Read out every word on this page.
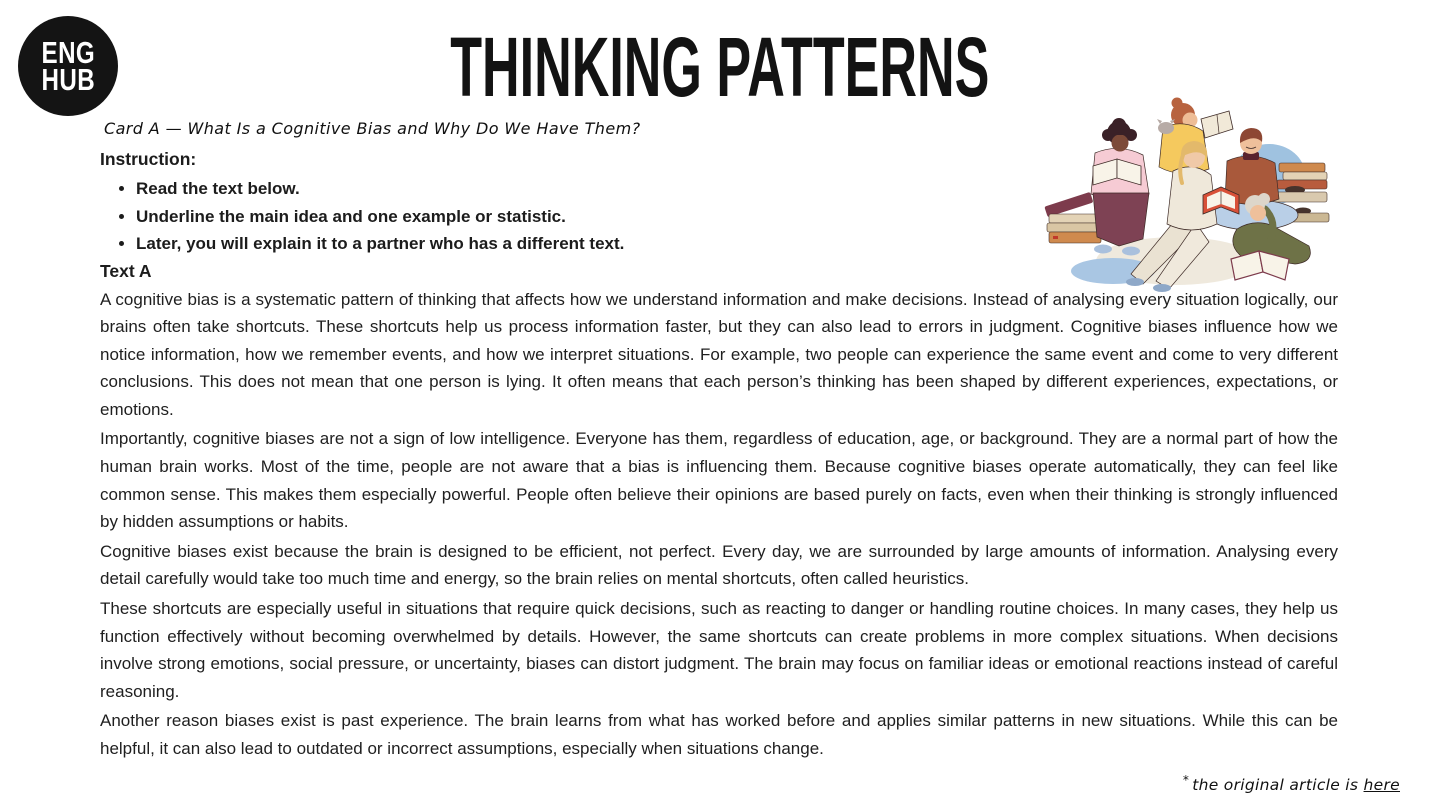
ENG
HUB	THINKING PATTERNS
Card A — What Is a Cognitive Bias and Why Do We Have Them?
Instruction:
• Read the text below.
• Underline the main idea and one example or statistic.
• Later, you will explain it to a partner who has a different text.
Text A

A cognitive bias is a systematic pattern of thinking that affects how we understand information and make decisions. Instead of analysing every situation logically, our brains often take shortcuts. These shortcuts help us process information faster, but they can also lead to errors in judgment. Cognitive biases influence how we notice information, how we remember events, and how we interpret situations. For example, two people can experience the same event and come to very different conclusions. This does not mean that one person is lying. It often means that each person’s thinking has been shaped by different experiences, expectations, or emotions.

Importantly, cognitive biases are not a sign of low intelligence. Everyone has them, regardless of education, age, or background. They are a normal part of how the human brain works. Most of the time, people are not aware that a bias is influencing them. Because cognitive biases operate automatically, they can feel like common sense. This makes them especially powerful. People often believe their opinions are based purely on facts, even when their thinking is strongly influenced by hidden assumptions or habits.

Cognitive biases exist because the brain is designed to be efficient, not perfect. Every day, we are surrounded by large amounts of information. Analysing every detail carefully would take too much time and energy, so the brain relies on mental shortcuts, often called heuristics.

These shortcuts are especially useful in situations that require quick decisions, such as reacting to danger or handling routine choices. In many cases, they help us function effectively without becoming overwhelmed by details. However, the same shortcuts can create problems in more complex situations. When decisions involve strong emotions, social pressure, or uncertainty, biases can distort judgment. The brain may focus on familiar ideas or emotional reactions instead of careful reasoning.

Another reason biases exist is past experience. The brain learns from what has worked before and applies similar patterns in new situations. While this can be helpful, it can also lead to outdated or incorrect assumptions, especially when situations change.

* the original article is here
